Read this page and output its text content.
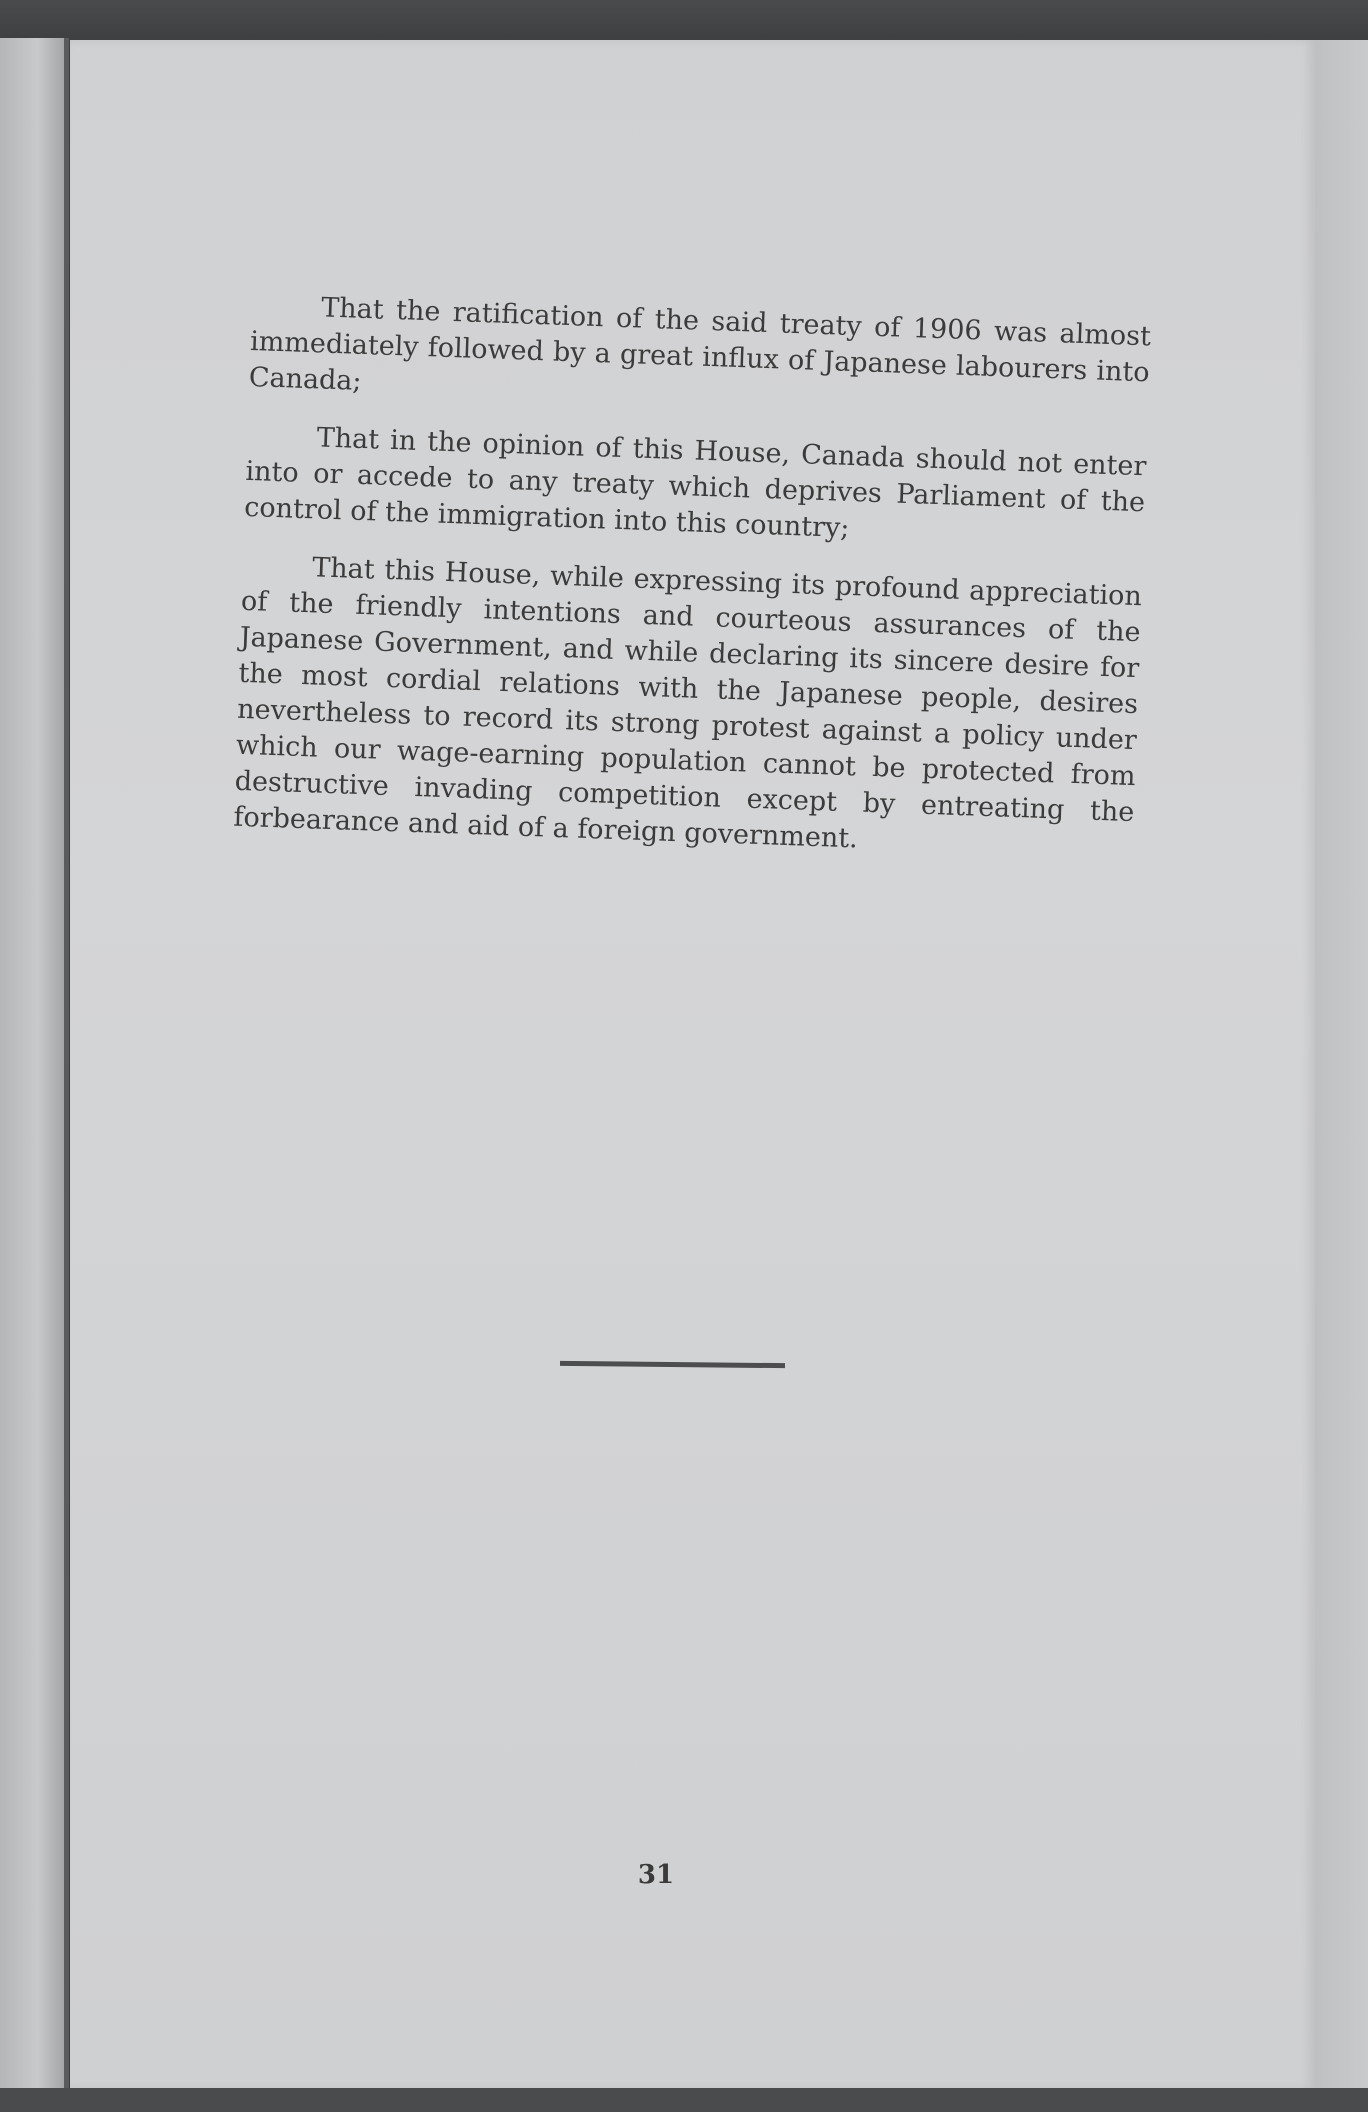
That the ratification of the said treaty of 1906 was almost immediately followed by a great influx of Japanese labourers into Canada;

That in the opinion of this House, Canada should not enter into or accede to any treaty which deprives Parliament of the control of the immigration into this country;

That this House, while expressing its profound appreciation of the friendly intentions and courteous assurances of the Japanese Government, and while declaring its sincere desire for the most cordial relations with the Japanese people, desires nevertheless to record its strong protest against a policy under which our wage-earning population cannot be protected from destructive invading competition except by entreating the forbearance and aid of a foreign government.

31
